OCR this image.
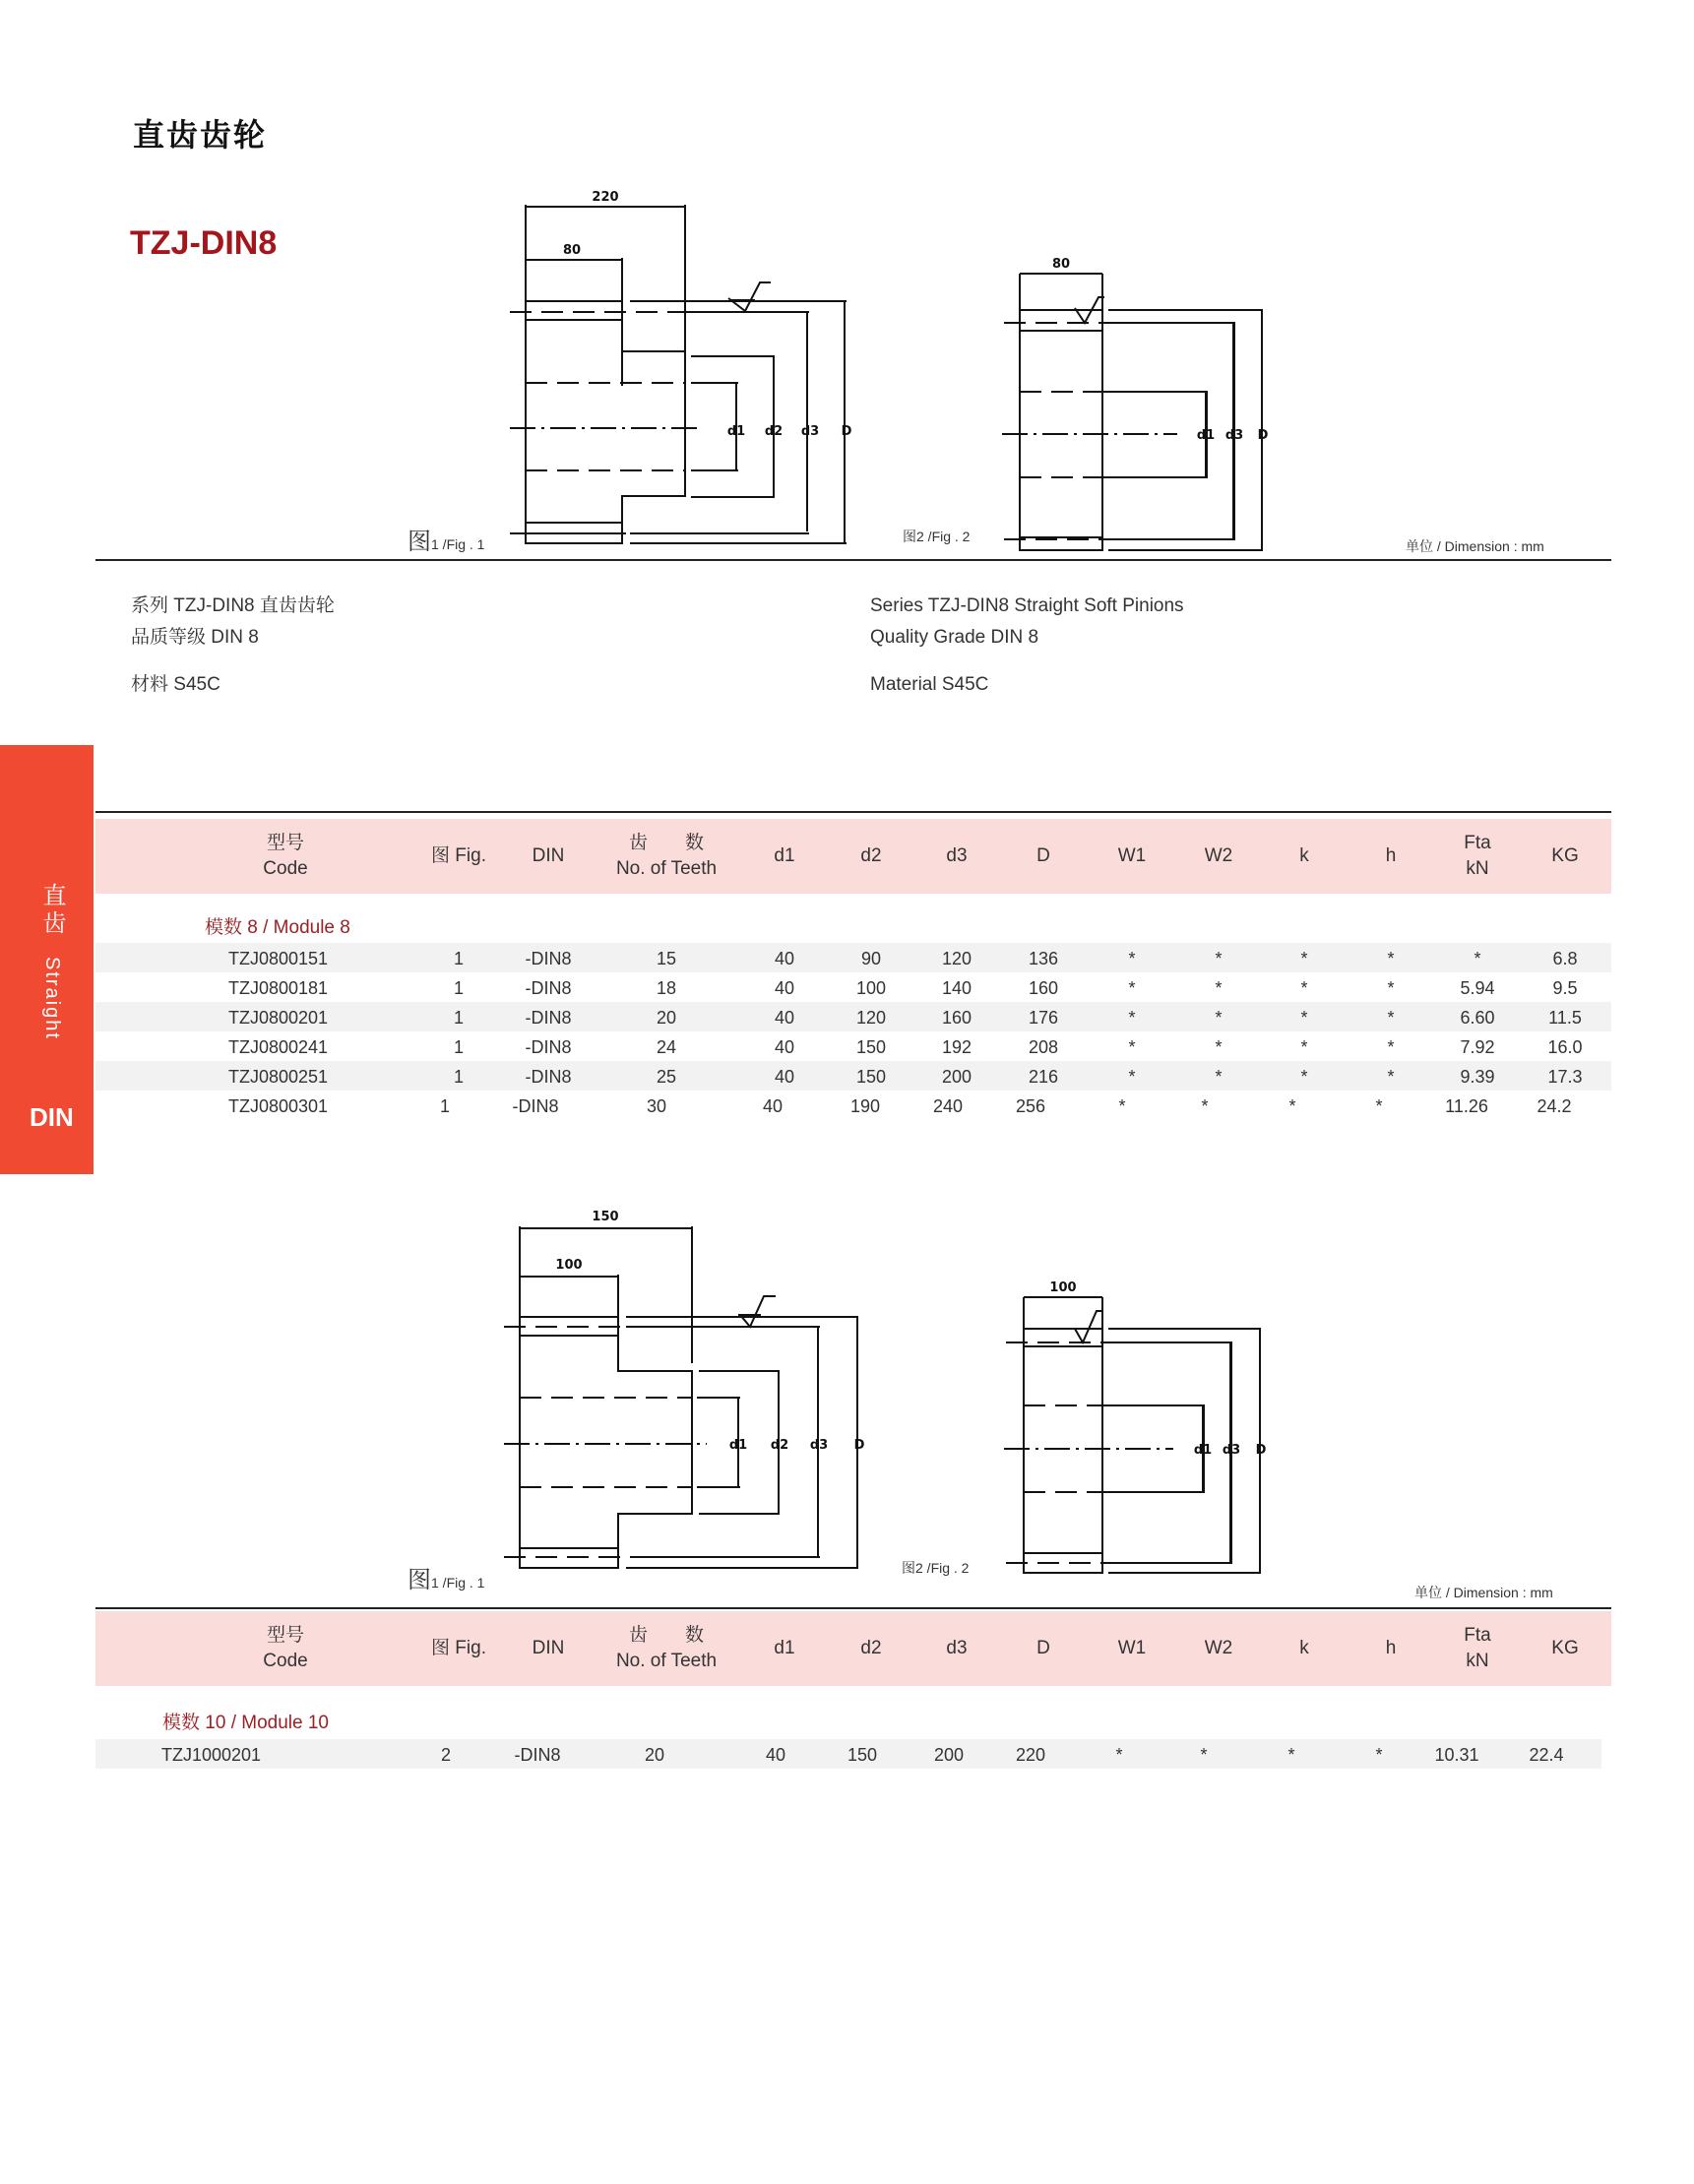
直齿齿轮
TZJ-DIN8
220
80
d1 d2 d3 D
图1 /Fig . 1
80
d1 d3 D
图2 /Fig . 2
单位 / Dimension : mm
系列 TZJ-DIN8 直齿齿轮
品质等级 DIN 8
材料 S45C
Series TZJ-DIN8 Straight Soft Pinions
Quality Grade DIN 8
Material S45C
直齿 Straight
DIN
型号
Code
图 Fig. DIN
齿　　数
No. of Teeth
d1	d2	d3	D	W1	W2	k	h
Fta
kN
KG
模数 8 / Module 8
TZJ0800151	1	-DIN8	15	40	90	120	136	*	*	*	*	*	6.8
TZJ0800181	1	-DIN8	18	40	100	140	160	*	*	*	*	5.94	9.5
TZJ0800201	1	-DIN8	20	40	120	160	176	*	*	*	*	6.60	11.5
TZJ0800241	1	-DIN8	24	40	150	192	208	*	*	*	*	7.92	16.0
TZJ0800251	1	-DIN8	25	40	150	200	216	*	*	*	*	9.39	17.3
TZJ0800301	1	-DIN8	30	40	190	240	256	*	*	*	*	11.26	24.2
150
100
d1 d2 d3 D
图1 /Fig . 1
100
d1 d3 D
图2 /Fig . 2
单位 / Dimension : mm
型号
Code
图 Fig. DIN
齿　　数
No. of Teeth
d1	d2	d3	D	W1	W2	k	h
Fta
kN
KG
模数 10 / Module 10
TZJ1000201	2	-DIN8	20	40	150	200	220	*	*	*	*	10.31	22.4
